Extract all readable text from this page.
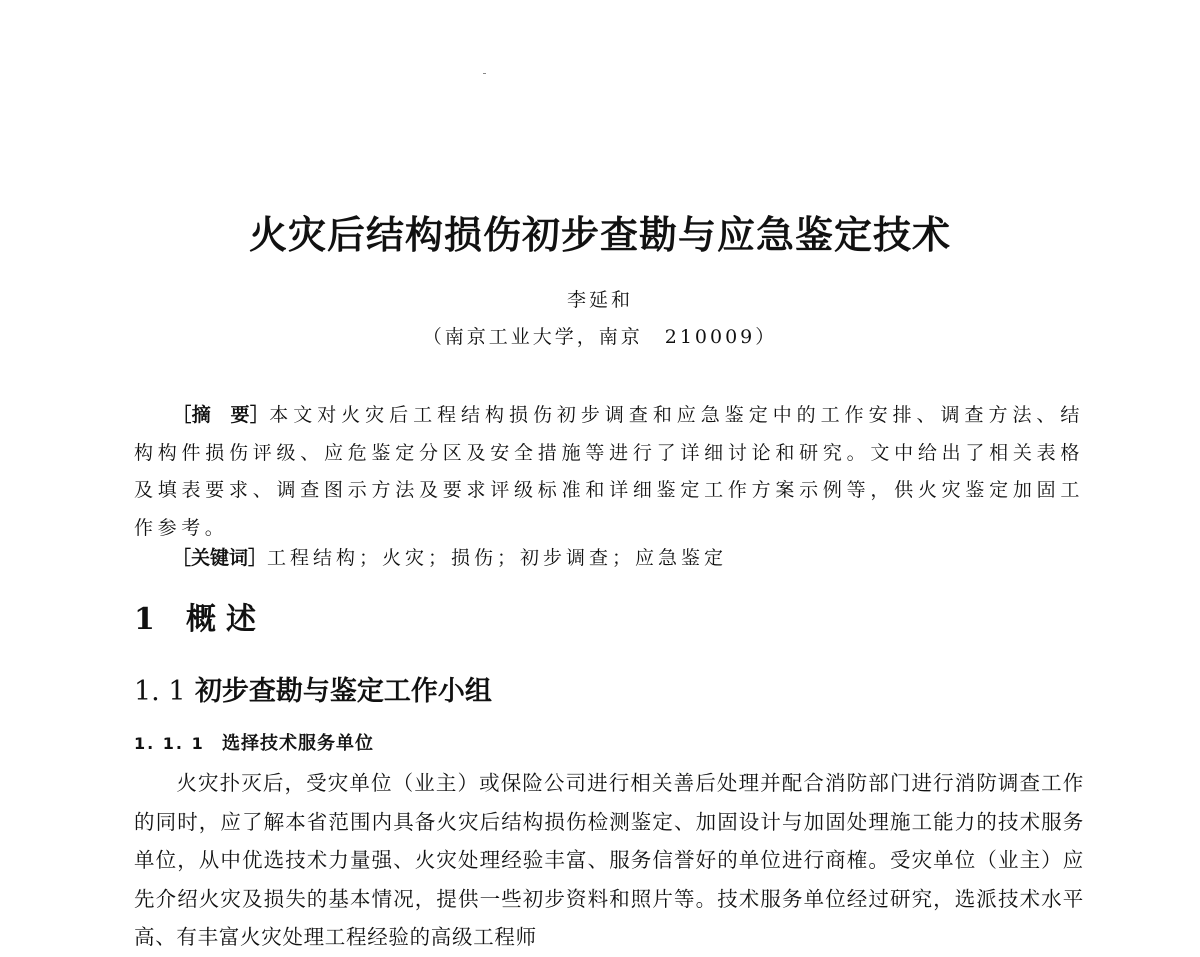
火灾后结构损伤初步查勘与应急鉴定技术
李延和
（南京工业大学，南京　210009）

［摘　要］本文对火灾后工程结构损伤初步调查和应急鉴定中的工作安排、调查方法、结构构件损伤评级、应危鉴定分区及安全措施等进行了详细讨论和研究。文中给出了相关表格及填表要求、调查图示方法及要求评级标准和详细鉴定工作方案示例等，供火灾鉴定加固工作参考。

［关键词］工程结构；火灾；损伤；初步调查；应急鉴定

1 概述
1. 1 初步查勘与鉴定工作小组
1. 1. 1 选择技术服务单位

火灾扑灭后，受灾单位（业主）或保险公司进行相关善后处理并配合消防部门进行消防调查工作的同时，应了解本省范围内具备火灾后结构损伤检测鉴定、加固设计与加固处理施工能力的技术服务单位，从中优选技术力量强、火灾处理经验丰富、服务信誉好的单位进行商榷。受灾单位（业主）应先介绍火灾及损失的基本情况，提供一些初步资料和照片等。技术服务单位经过研究，选派技术水平高、有丰富火灾处理工程经验的高级工程师
